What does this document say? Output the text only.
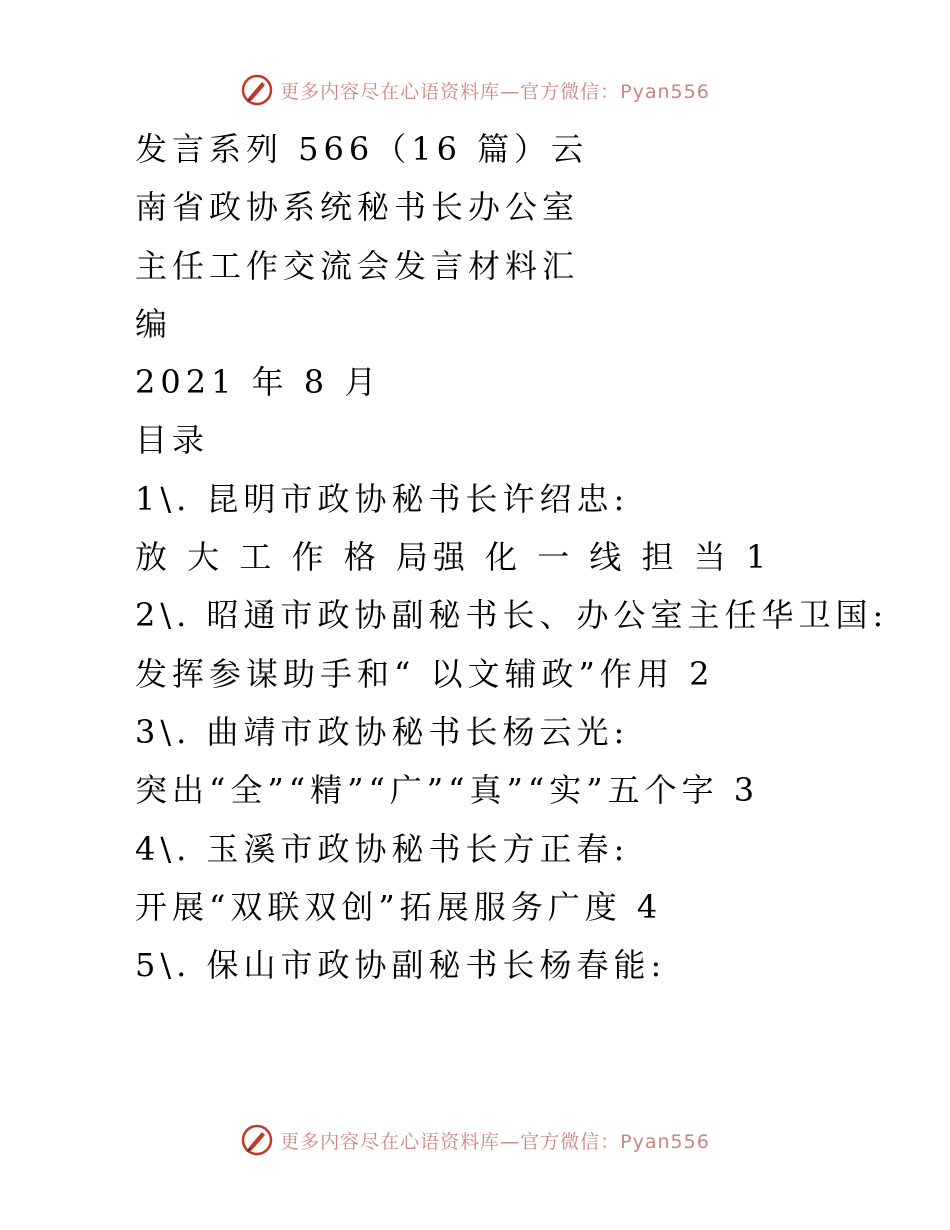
更多内容尽在心语资料库—官方微信：Pyan556
发言系列 566（16 篇）云
南省政协系统秘书长办公室
主任工作交流会发言材料汇
编
2021 年 8 月
目录
1\. 昆明市政协秘书长许绍忠:
放 大 工 作 格 局强 化 一 线 担 当 1
2\. 昭通市政协副秘书长、办公室主任华卫国:
发挥参谋助手和“ 以文辅政”作用 2
3\. 曲靖市政协秘书长杨云光:
突出“全”“精”“广”“真”“实”五个字 3
4\. 玉溪市政协秘书长方正春:
开展“双联双创”拓展服务广度 4
5\. 保山市政协副秘书长杨春能:
更多内容尽在心语资料库—官方微信：Pyan556
